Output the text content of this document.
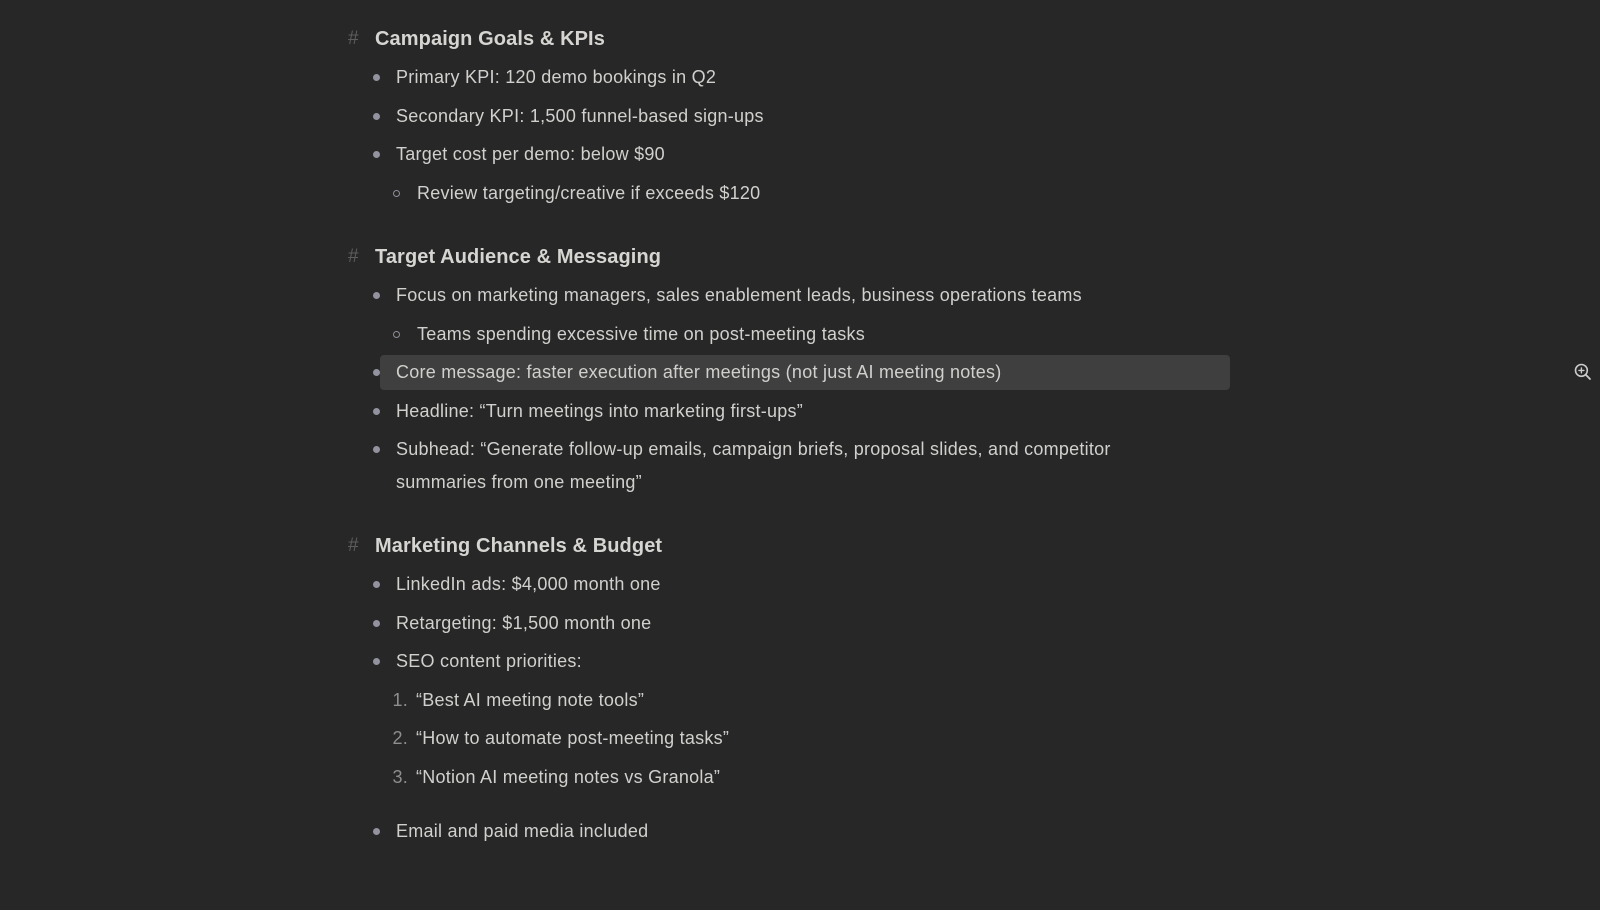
# Campaign Goals & KPIs
Primary KPI: 120 demo bookings in Q2
Secondary KPI: 1,500 funnel-based sign-ups
Target cost per demo: below $90
Review targeting/creative if exceeds $120
# Target Audience & Messaging
Focus on marketing managers, sales enablement leads, business operations teams
Teams spending excessive time on post-meeting tasks
Core message: faster execution after meetings (not just AI meeting notes)
Headline: “Turn meetings into marketing first-ups”
Subhead: “Generate follow-up emails, campaign briefs, proposal slides, and competitor summaries from one meeting”
# Marketing Channels & Budget
LinkedIn ads: $4,000 month one
Retargeting: $1,500 month one
SEO content priorities:
1. “Best AI meeting note tools”
2. “How to automate post-meeting tasks”
3. “Notion AI meeting notes vs Granola”
Email and paid media included
